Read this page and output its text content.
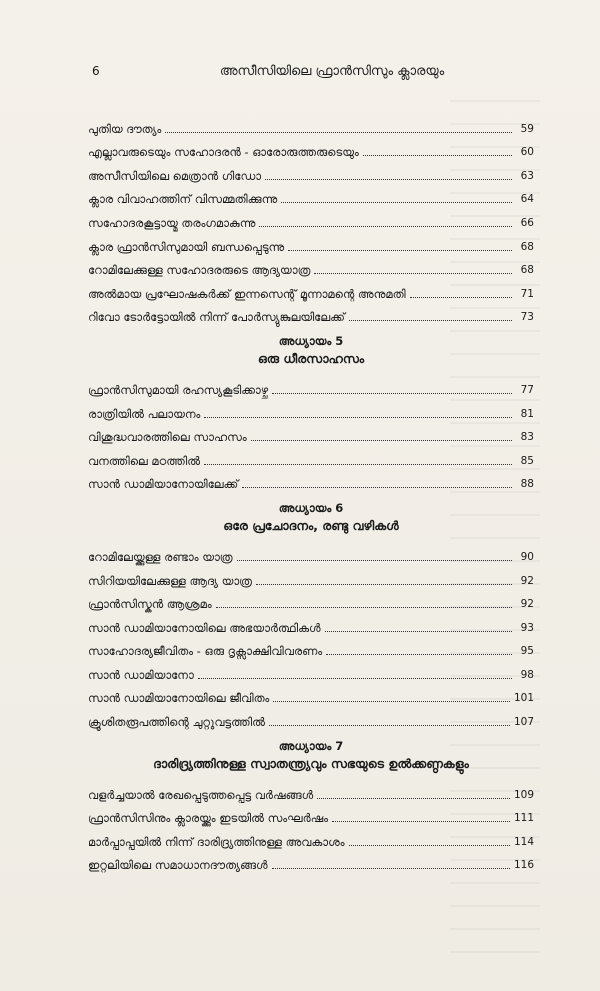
6	അസീസിയിലെ ഫ്രാൻസിസും ക്ലാരയും
പുതിയ ദൗത്യം	59
എല്ലാവരുടെയും സഹോദരൻ - ഓരോരുത്തരുടെയും	60
അസീസിയിലെ മെത്രാൻ ഗിഡോ	63
ക്ലാര വിവാഹത്തിന് വിസമ്മതിക്കുന്നു	64
സഹോദരകൂട്ടായ്മ തരംഗമാകുന്നു	66
ക്ലാര ഫ്രാൻസിസുമായി ബന്ധപ്പെടുന്നു	68
റോമിലേക്കുള്ള സഹോദരരുടെ ആദ്യയാത്ര	68
അൽമായ പ്രഘോഷകർക്ക് ഇന്നസെന്റ് മൂന്നാമന്റെ അനുമതി	71
റിവോ ടോർട്ടോയിൽ നിന്ന് പോർസ്യുങ്കുലയിലേക്ക്	73
അധ്യായം 5
ഒരു ധീരസാഹസം
ഫ്രാൻസിസുമായി രഹസ്യകൂടിക്കാഴ്ച	77
രാത്രിയിൽ പലായനം	81
വിശുദ്ധവാരത്തിലെ സാഹസം	83
വനത്തിലെ മഠത്തിൽ	85
സാൻ ഡാമിയാനോയിലേക്ക്	88
അധ്യായം 6
ഒരേ പ്രചോദനം, രണ്ടു വഴികൾ
റോമിലേയ്ക്കുള്ള രണ്ടാം യാത്ര	90
സിറിയയിലേക്കുള്ള ആദ്യ യാത്ര	92
ഫ്രാൻസിസ്കൻ ആശ്രമം	92
സാൻ ഡാമിയാനോയിലെ അഭയാർത്ഥികൾ	93
സാഹോദര്യജീവിതം - ഒരു ദൃക്സാക്ഷിവിവരണം	95
സാൻ ഡാമിയാനോ	98
സാൻ ഡാമിയാനോയിലെ ജീവിതം	101
ക്രൂശിതരൂപത്തിന്റെ ചുറ്റുവട്ടത്തിൽ	107
അധ്യായം 7
ദാരിദ്ര്യത്തിനുള്ള സ്വാതന്ത്ര്യവും സഭയുടെ ഉൽക്കണ്ഠകളും
വളർച്ചയാൽ രേഖപ്പെടുത്തപ്പെട്ട വർഷങ്ങൾ	109
ഫ്രാൻസിസിനും ക്ലാരയ്ക്കും ഇടയിൽ സംഘർഷം	111
മാർപ്പാപ്പയിൽ നിന്ന് ദാരിദ്ര്യത്തിനുള്ള അവകാശം	114
ഇറ്റലിയിലെ സമാധാനദൗത്യങ്ങൾ	116
